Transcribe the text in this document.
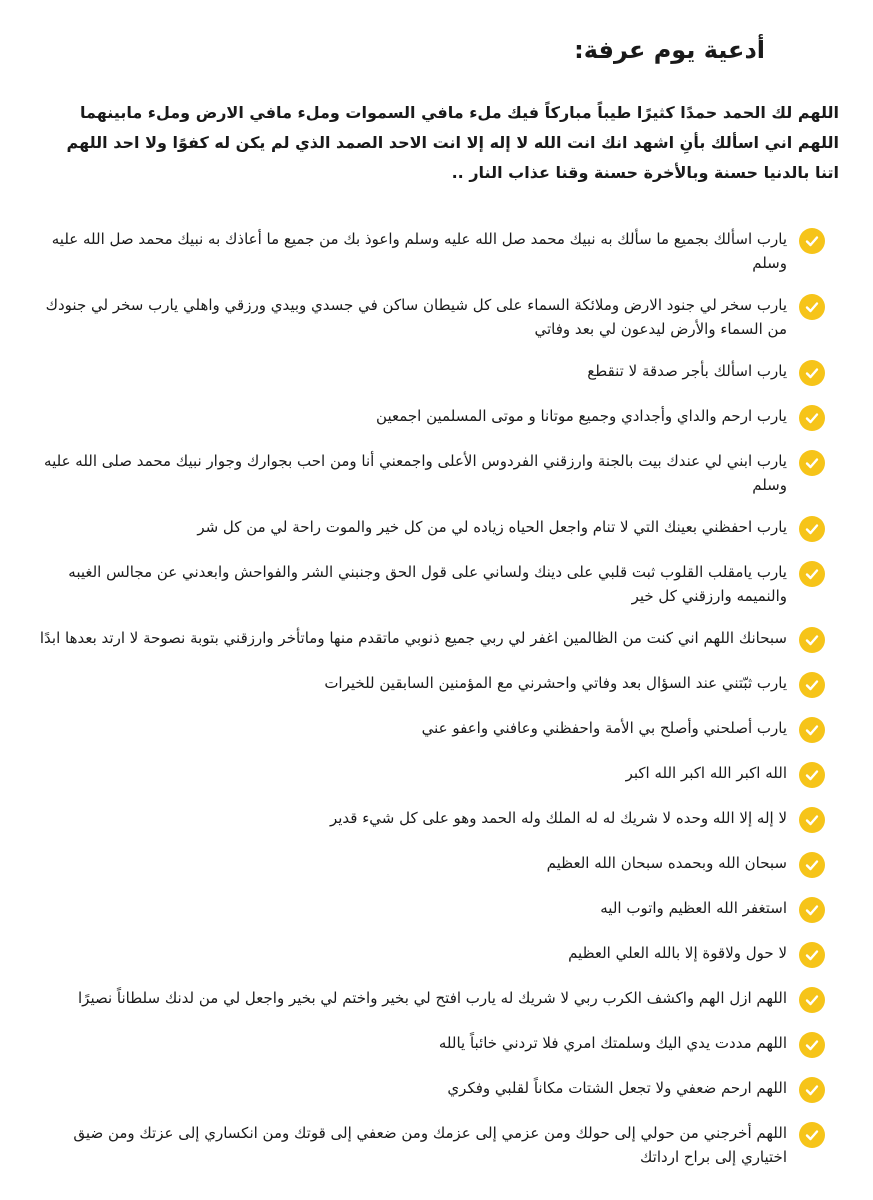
أدعية يوم عرفة:

اللهم لك الحمد حمدًا كثيرًا طيباً مباركاً فيك ملء مافي السموات وملء مافي الارض وملء مابينهما اللهم اني اسألك بأنِ اشهد انك انت الله لا إله إلا انت الاحد الصمد الذي لم يكن له كفوًا ولا احد اللهم اتنا بالدنيا حسنة وبالأخرة حسنة وقنا عذاب النار ..

يارب اسألك بجميع ما سألك به نبيك محمد صل الله عليه وسلم واعوذ بك من جميع ما أعاذك به نبيك محمد صل الله عليه وسلم
يارب سخر لي جنود الارض وملائكة السماء على كل شيطان ساكن في جسدي وبيدي ورزقي واهلي يارب سخر لي جنودك من السماء والأرض ليدعون لي بعد وفاتي
يارب اسألك بأجر صدقة لا تنقطع
يارب ارحم والداي وأجدادي وجميع موتانا و موتى المسلمين اجمعين
يارب ابني لي عندك بيت بالجنة وارزقني الفردوس الأعلى واجمعني أنا ومن احب بجوارك وجوار نبيك محمد صلى الله عليه وسلم
يارب احفظني بعينك التي لا تنام واجعل الحياه زياده لي من كل خير والموت راحة لي من كل شر
يارب يامقلب القلوب ثبت قلبي على دينك ولساني على قول الحق وجنبني الشر والفواحش وابعدني عن مجالس الغيبه والنميمه وارزقني كل خير
سبحانك اللهم اني كنت من الظالمين اغفر لي ربي جميع ذنوبي ماتقدم منها وماتأخر وارزقني بتوبة نصوحة لا ارتد بعدها ابدًا
يارب ثبّتني عند السؤال بعد وفاتي واحشرني مع المؤمنين السابقين للخيرات
يارب أصلحني وأصلح بي الأمة واحفظني وعافني واعفو عني
الله اكبر الله اكبر الله اكبر
لا إله إلا الله وحده لا شريك له له الملك وله الحمد وهو على كل شيء قدير
سبحان الله وبحمده سبحان الله العظيم
استغفر الله العظيم واتوب اليه
لا حول ولاقوة إلا بالله العلي العظيم
اللهم ازل الهم واكشف الكرب ربي لا شريك له يارب افتح لي بخير واختم لي بخير واجعل لي من لدنك سلطاناً نصيرًا
اللهم مددت يدي اليك وسلمتك امري فلا تردني خائباً يالله
اللهم ارحم ضعفي ولا تجعل الشتات مكاناً لقلبي وفكري
اللهم أخرجني من حولي إلى حولك ومن عزمي إلى عزمك ومن ضعفي إلى قوتك ومن انكساري إلى عزتك ومن ضيق اختياري إلى براح ارداتك
